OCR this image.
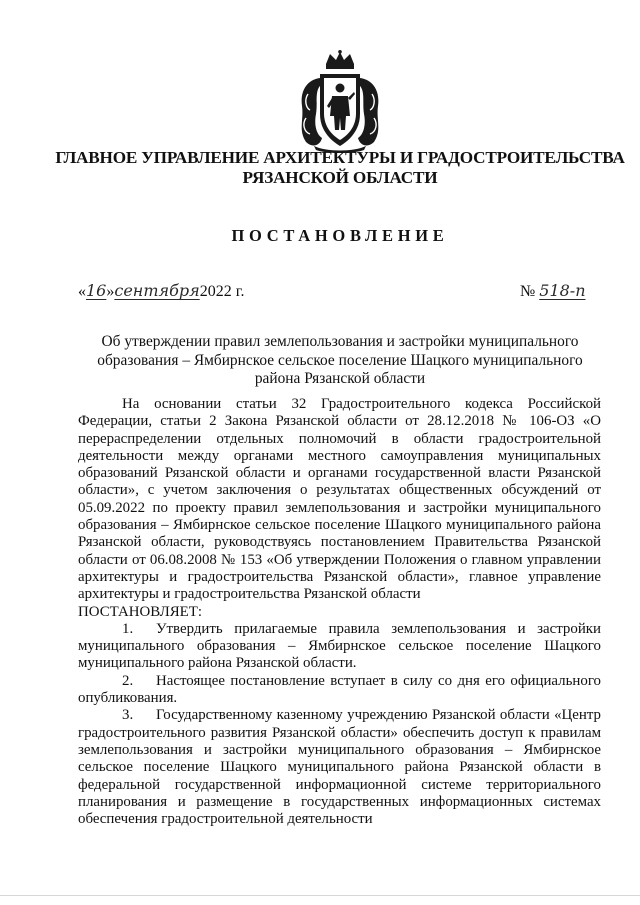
ГЛАВНОЕ УПРАВЛЕНИЕ АРХИТЕКТУРЫ И ГРАДОСТРОИТЕЛЬСТВА
РЯЗАНСКОЙ ОБЛАСТИ
ПОСТАНОВЛЕНИЕ
«16»сентября2022 г.	№ 518-п
Об утверждении правил землепользования и застройки муниципального
образования – Ямбирнское сельское поселение Шацкого муниципального
района Рязанской области

На основании статьи 32 Градостроительного кодекса Российской Федерации, статьи 2 Закона Рязанской области от 28.12.2018 № 106-ОЗ «О перераспределении отдельных полномочий в области градостроительной деятельности между органами местного самоуправления муниципальных образований Рязанской области и органами государственной власти Рязанской области», с учетом заключения о результатах общественных обсуждений от 05.09.2022 по проекту правил землепользования и застройки муниципального образования – Ямбирнское сельское поселение Шацкого муниципального района Рязанской области, руководствуясь постановлением Правительства Рязанской области от 06.08.2008 № 153 «Об утверждении Положения о главном управлении архитектуры и градостроительства Рязанской области», главное управление архитектуры и градостроительства Рязанской области

ПОСТАНОВЛЯЕТ:

1. Утвердить прилагаемые правила землепользования и застройки муниципального образования – Ямбирнское сельское поселение Шацкого муниципального района Рязанской области.

2. Настоящее постановление вступает в силу со дня его официального опубликования.

3. Государственному казенному учреждению Рязанской области «Центр градостроительного развития Рязанской области» обеспечить доступ к правилам землепользования и застройки муниципального образования – Ямбирнское сельское поселение Шацкого муниципального района Рязанской области в федеральной государственной информационной системе территориального планирования и размещение в государственных информационных системах обеспечения градостроительной деятельности
